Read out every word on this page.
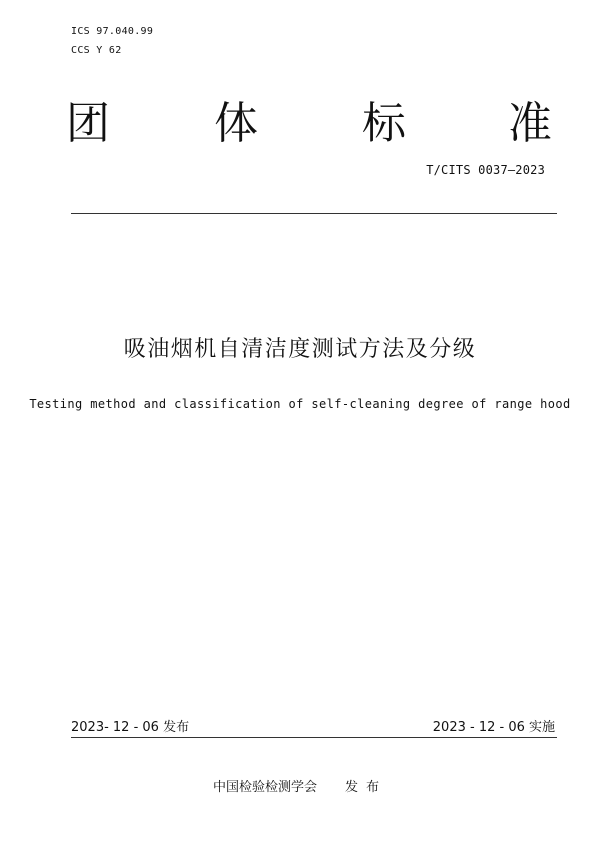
ICS 97.040.99
CCS Y 62
团 体 标 准
T/CITS 0037—2023
吸油烟机自清洁度测试方法及分级
Testing method and classification of self-cleaning degree of range hood
2023- 12 - 06 发布	2023 - 12 - 06 实施
中国检验检测学会 发布
